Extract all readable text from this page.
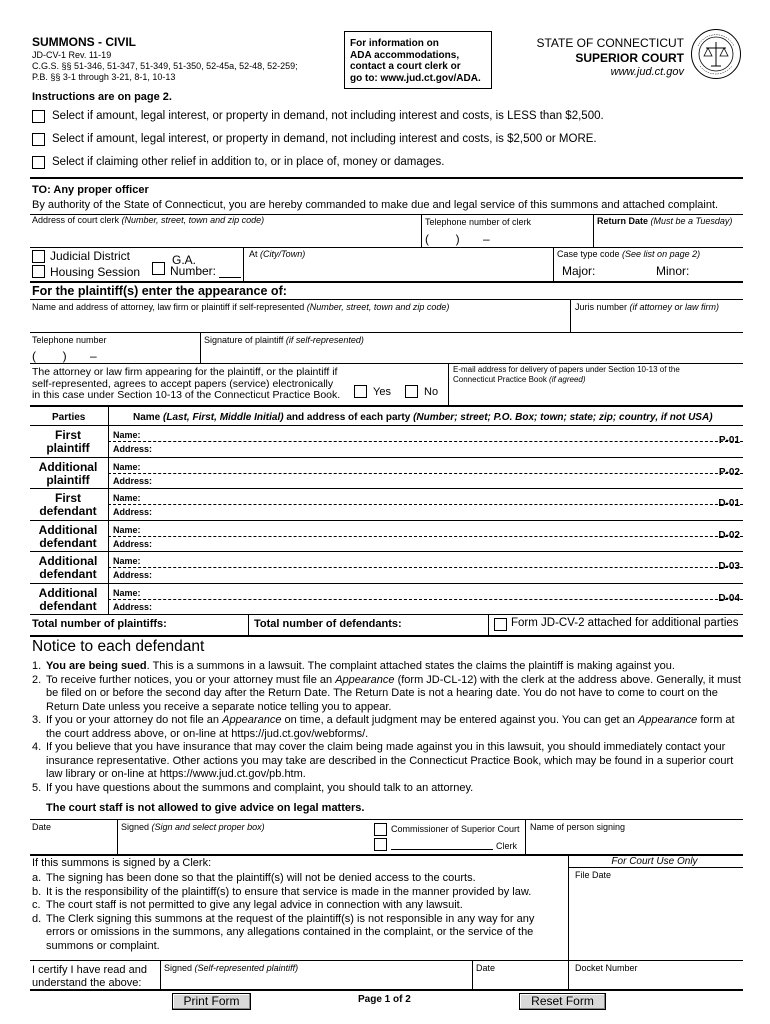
SUMMONS - CIVIL
JD-CV-1 Rev. 11-19
C.G.S. §§ 51-346, 51-347, 51-349, 51-350, 52-45a, 52-48, 52-259;
P.B. §§ 3-1 through 3-21, 8-1, 10-13
For information on
ADA accommodations,
contact a court clerk or
go to: www.jud.ct.gov/ADA.
STATE OF CONNECTICUT
SUPERIOR COURT
www.jud.ct.gov
Instructions are on page 2.
Select if amount, legal interest, or property in demand, not including interest and costs, is LESS than $2,500.
Select if amount, legal interest, or property in demand, not including interest and costs, is $2,500 or MORE.
Select if claiming other relief in addition to, or in place of, money or damages.
TO: Any proper officer
By authority of the State of Connecticut, you are hereby commanded to make due and legal service of this summons and attached complaint.
Address of court clerk (Number, street, town and zip code)	Telephone number of clerk
(        )       –
Return Date (Must be a Tuesday)
Judicial District
Housing Session
G.A.
Number:
At (City/Town)	Case type code (See list on page 2)
Major:	Minor:
For the plaintiff(s) enter the appearance of:
Name and address of attorney, law firm or plaintiff if self-represented (Number, street, town and zip code)	Juris number (if attorney or law firm)
Telephone number
(        )       –
Signature of plaintiff (if self-represented)
The attorney or law firm appearing for the plaintiff, or the plaintiff if
self-represented, agrees to accept papers (service) electronically
in this case under Section 10-13 of the Connecticut Practice Book.	Yes	No
E-mail address for delivery of papers under Section 10-13 of the
Connecticut Practice Book (if agreed)
Parties	Name (Last, First, Middle Initial) and address of each party (Number; street; P.O. Box; town; state; zip; country, if not USA)
First
plaintiff
Name:
Address:
P-01
Additional
plaintiff
Name:
Address:
P-02
First
defendant
Name:
Address:
D-01
Additional
defendant
Name:
Address:
D-02
Additional
defendant
Name:
Address:
D-03
Additional
defendant
Name:
Address:
D-04
Total number of plaintiffs:	Total number of defendants:	Form JD-CV-2 attached for additional parties
Notice to each defendant
1. You are being sued. This is a summons in a lawsuit. The complaint attached states the claims the plaintiff is making against you.
2. To receive further notices, you or your attorney must file an Appearance (form JD-CL-12) with the clerk at the address above. Generally, it must be filed on or before the second day after the Return Date. The Return Date is not a hearing date. You do not have to come to court on the Return Date unless you receive a separate notice telling you to appear.
3. If you or your attorney do not file an Appearance on time, a default judgment may be entered against you. You can get an Appearance form at the court address above, or on-line at https://jud.ct.gov/webforms/.
4. If you believe that you have insurance that may cover the claim being made against you in this lawsuit, you should immediately contact your insurance representative. Other actions you may take are described in the Connecticut Practice Book, which may be found in a superior court law library or on-line at https://www.jud.ct.gov/pb.htm.
5. If you have questions about the summons and complaint, you should talk to an attorney.
The court staff is not allowed to give advice on legal matters.
Date	Signed (Sign and select proper box)	Commissioner of Superior Court
Clerk
Name of person signing
If this summons is signed by a Clerk:
a. The signing has been done so that the plaintiff(s) will not be denied access to the courts.
b. It is the responsibility of the plaintiff(s) to ensure that service is made in the manner provided by law.
c. The court staff is not permitted to give any legal advice in connection with any lawsuit.
d. The Clerk signing this summons at the request of the plaintiff(s) is not responsible in any way for any errors or omissions in the summons, any allegations contained in the complaint, or the service of the summons or complaint.
For Court Use Only
File Date
I certify I have read and
understand the above:
Signed (Self-represented plaintiff)	Date	Docket Number
Print Form	Page 1 of 2	Reset Form
